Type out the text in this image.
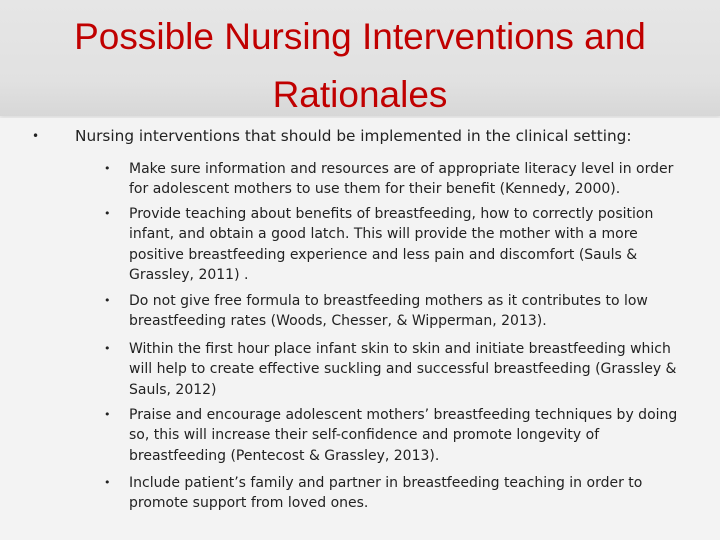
Possible Nursing Interventions and Rationales
• Nursing interventions that should be implemented in the clinical setting:
• Make sure information and resources are of appropriate literacy level in order for adolescent mothers to use them for their benefit (Kennedy, 2000).
• Provide teaching about benefits of breastfeeding, how to correctly position infant, and obtain a good latch. This will provide the mother with a more positive breastfeeding experience and less pain and discomfort (Sauls & Grassley, 2011) .
• Do not give free formula to breastfeeding mothers as it contributes to low breastfeeding rates (Woods, Chesser, & Wipperman, 2013).
• Within the first hour place infant skin to skin and initiate breastfeeding which will help to create effective suckling and successful breastfeeding (Grassley & Sauls, 2012)
• Praise and encourage adolescent mothers’ breastfeeding techniques by doing so, this will increase their self-confidence and promote longevity of breastfeeding (Pentecost & Grassley, 2013).
• Include patient’s family and partner in breastfeeding teaching in order to promote support from loved ones.
